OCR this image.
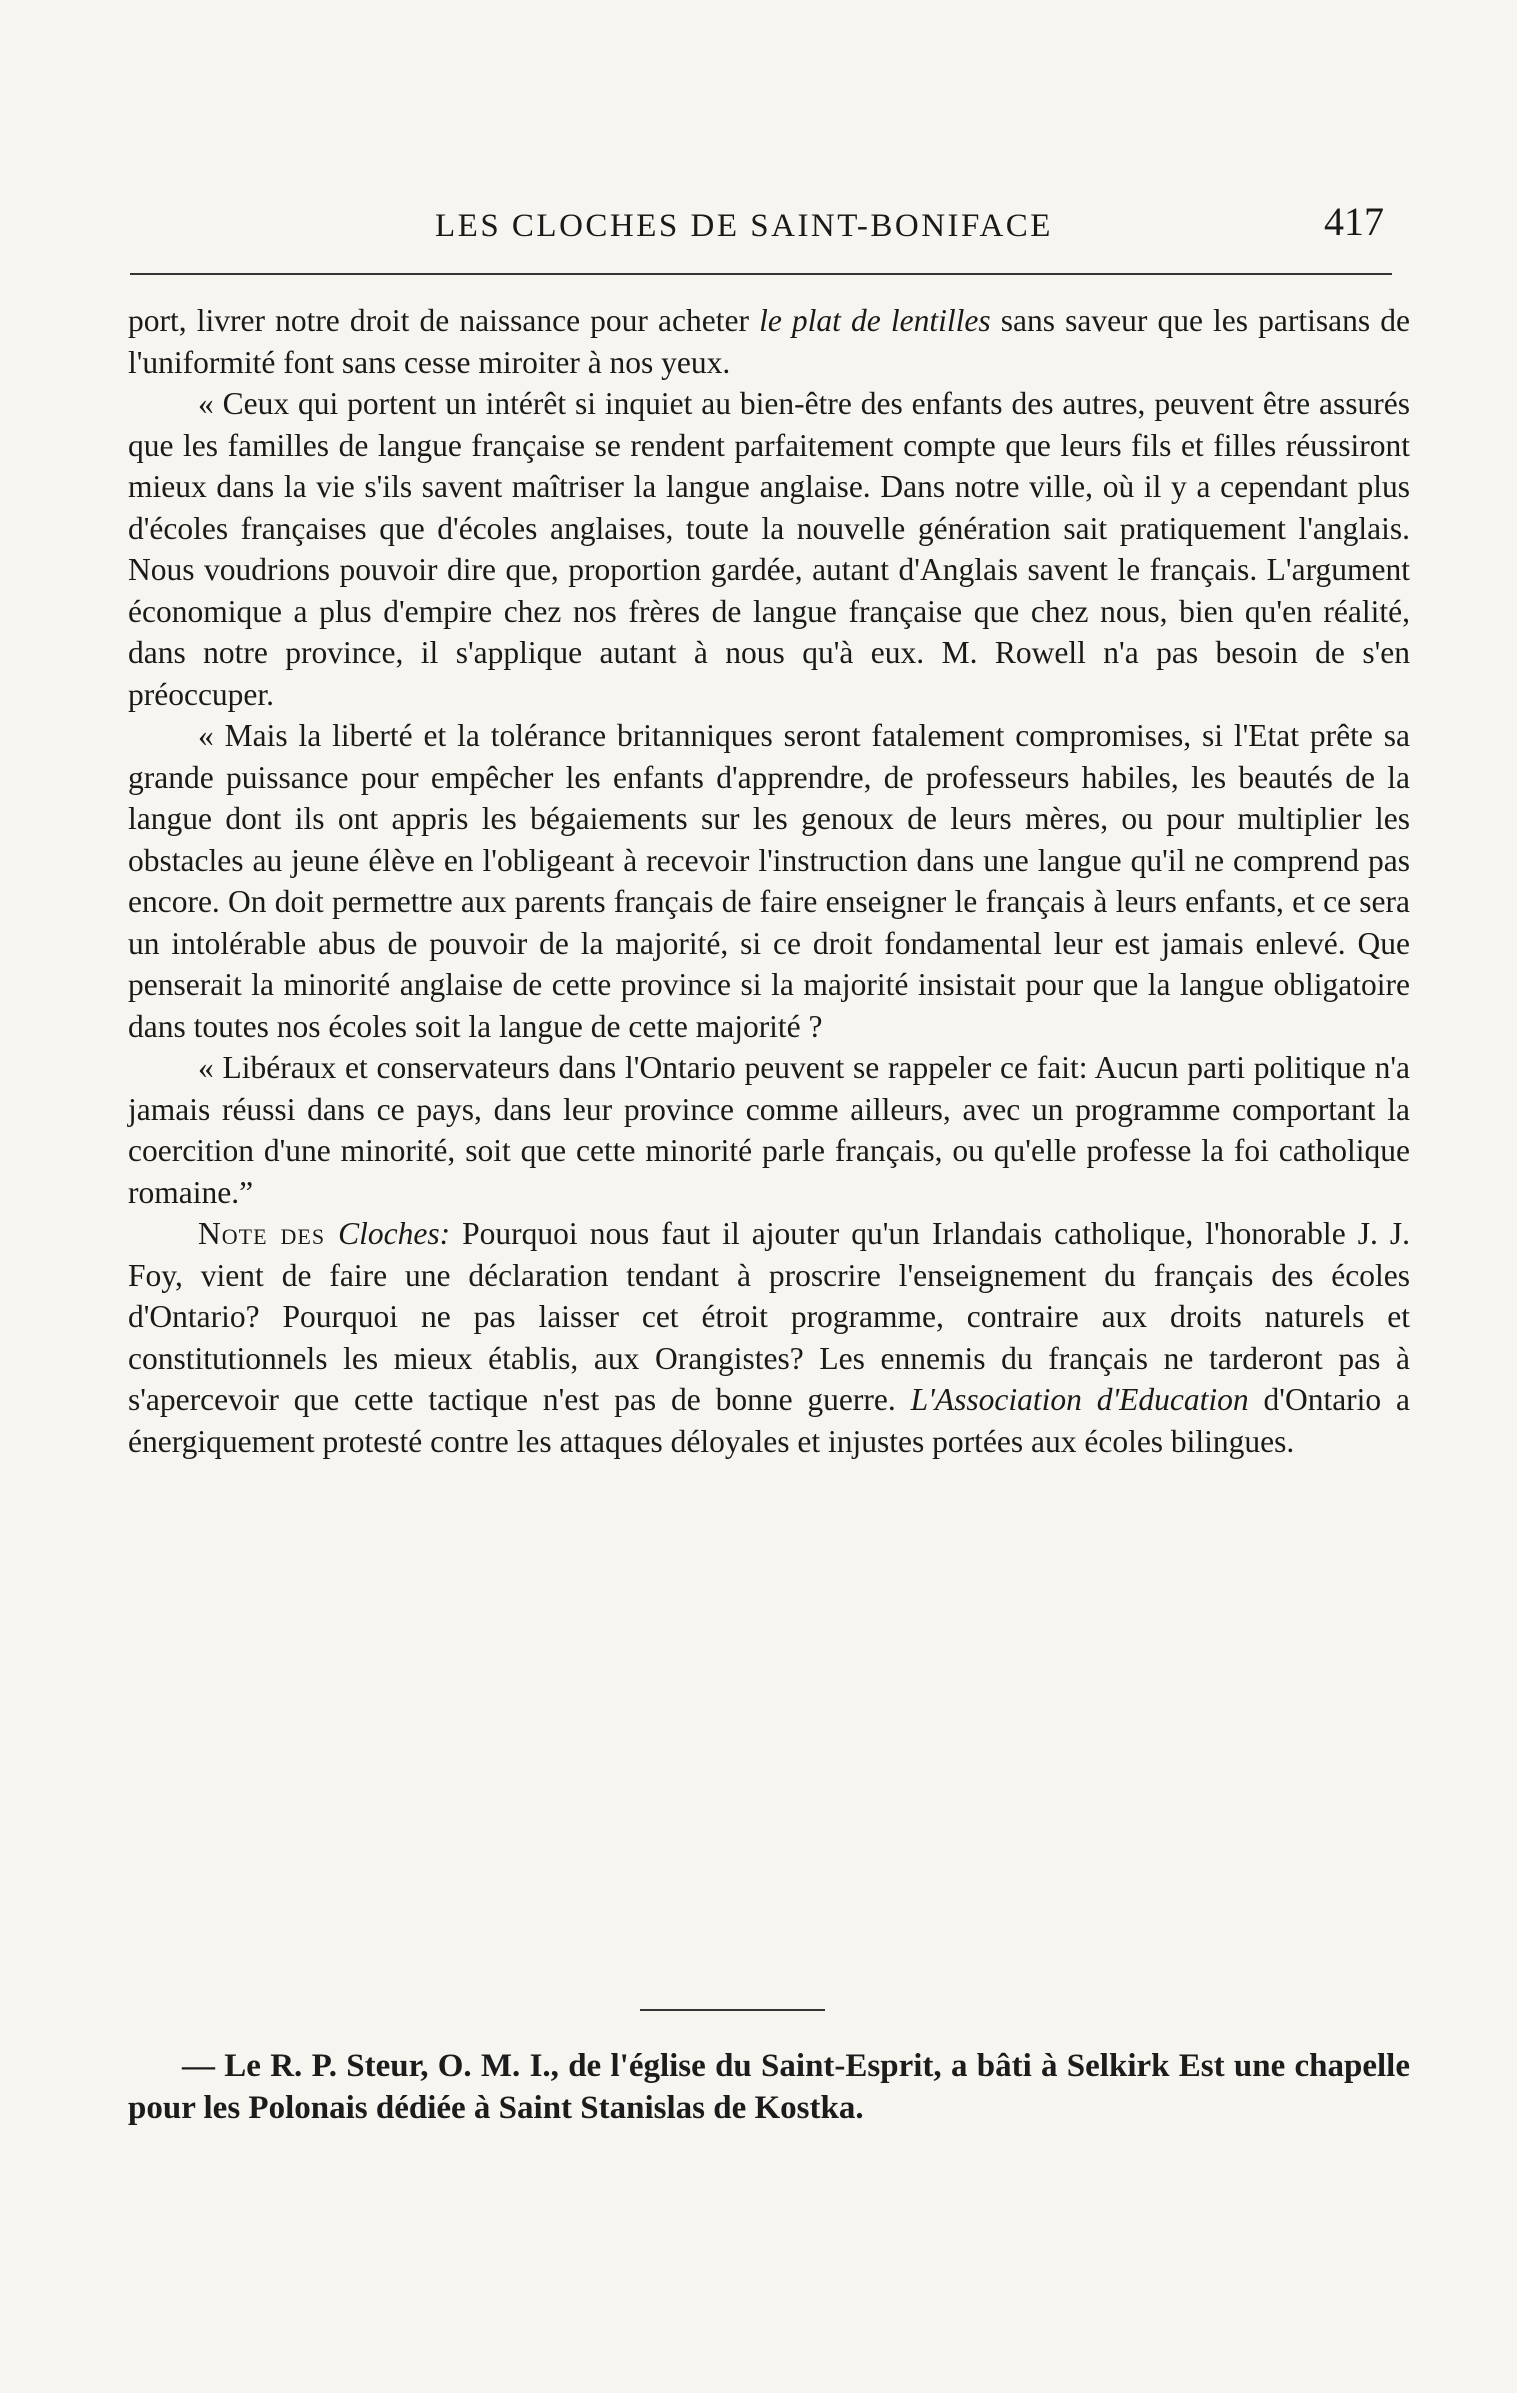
LES CLOCHES DE SAINT-BONIFACE	417

port, livrer notre droit de naissance pour acheter le plat de lentilles sans saveur que les partisans de l'uniformité font sans cesse miroiter à nos yeux.

« Ceux qui portent un intérêt si inquiet au bien-être des enfants des autres, peuvent être assurés que les familles de langue française se rendent parfaitement compte que leurs fils et filles réussiront mieux dans la vie s'ils savent maîtriser la langue anglaise. Dans notre ville, où il y a cependant plus d'écoles françaises que d'écoles anglaises, toute la nouvelle génération sait pratiquement l'anglais. Nous voudrions pouvoir dire que, proportion gardée, autant d'Anglais savent le français. L'argument économique a plus d'empire chez nos frères de langue française que chez nous, bien qu'en réalité, dans notre province, il s'applique autant à nous qu'à eux. M. Rowell n'a pas besoin de s'en préoccuper.

« Mais la liberté et la tolérance britanniques seront fatalement compromises, si l'Etat prête sa grande puissance pour empêcher les enfants d'apprendre, de professeurs habiles, les beautés de la langue dont ils ont appris les bégaiements sur les genoux de leurs mères, ou pour multiplier les obstacles au jeune élève en l'obligeant à recevoir l'instruction dans une langue qu'il ne comprend pas encore. On doit permettre aux parents français de faire enseigner le français à leurs enfants, et ce sera un intolérable abus de pouvoir de la majorité, si ce droit fondamental leur est jamais enlevé. Que penserait la minorité anglaise de cette province si la majorité insistait pour que la langue obligatoire dans toutes nos écoles soit la langue de cette majorité ?

« Libéraux et conservateurs dans l'Ontario peuvent se rappeler ce fait: Aucun parti politique n'a jamais réussi dans ce pays, dans leur province comme ailleurs, avec un programme comportant la coercition d'une minorité, soit que cette minorité parle français, ou qu'elle professe la foi catholique romaine.”

Note des Cloches: Pourquoi nous faut il ajouter qu'un Irlandais catholique, l'honorable J. J. Foy, vient de faire une déclaration tendant à proscrire l'enseignement du français des écoles d'Ontario? Pourquoi ne pas laisser cet étroit programme, contraire aux droits naturels et constitutionnels les mieux établis, aux Orangistes? Les ennemis du français ne tarderont pas à s'apercevoir que cette tactique n'est pas de bonne guerre. L'Association d'Education d'Ontario a énergiquement protesté contre les attaques déloyales et injustes portées aux écoles bilingues.

— Le R. P. Steur, O. M. I., de l'église du Saint-Esprit, a bâti à Selkirk Est une chapelle pour les Polonais dédiée à Saint Stanislas de Kostka.
